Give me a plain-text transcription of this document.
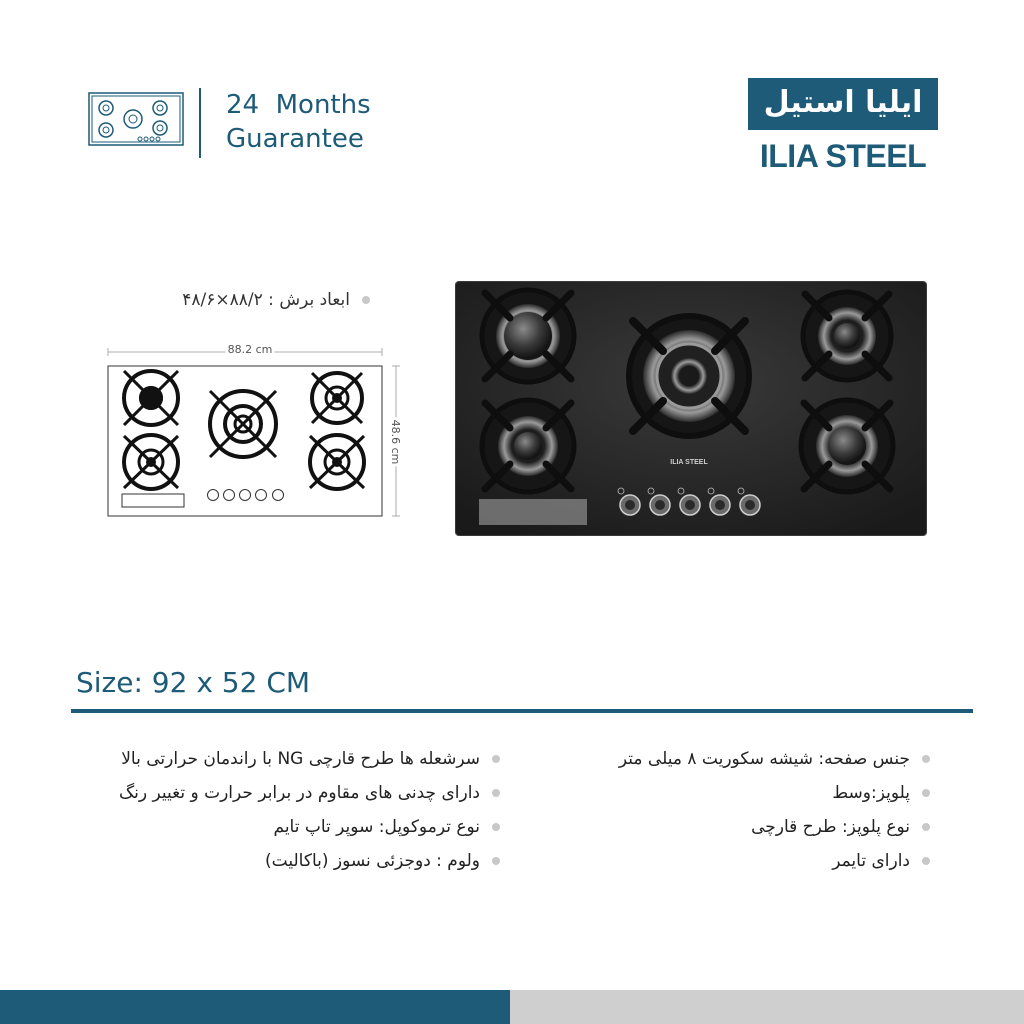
24  Months
Guarantee
ایلیا استیل
ILIA STEEL
ابعاد برش : ۸۸/۲×۴۸/۶
88.2 cm
48.6 cm	ILIA STEEL
Size: 92 x 52 CM
جنس صفحه: شیشه سکوریت ۸ میلی متر
پلوپز:وسط
نوع پلوپز: طرح قارچی
دارای تایمر
سرشعله ها طرح قارچی NG با راندمان حرارتی بالا
دارای چدنی های مقاوم در برابر حرارت و تغییر رنگ
نوع ترموکوپل: سوپر تاپ تایم
ولوم : دوجزئی نسوز (باکالیت)
